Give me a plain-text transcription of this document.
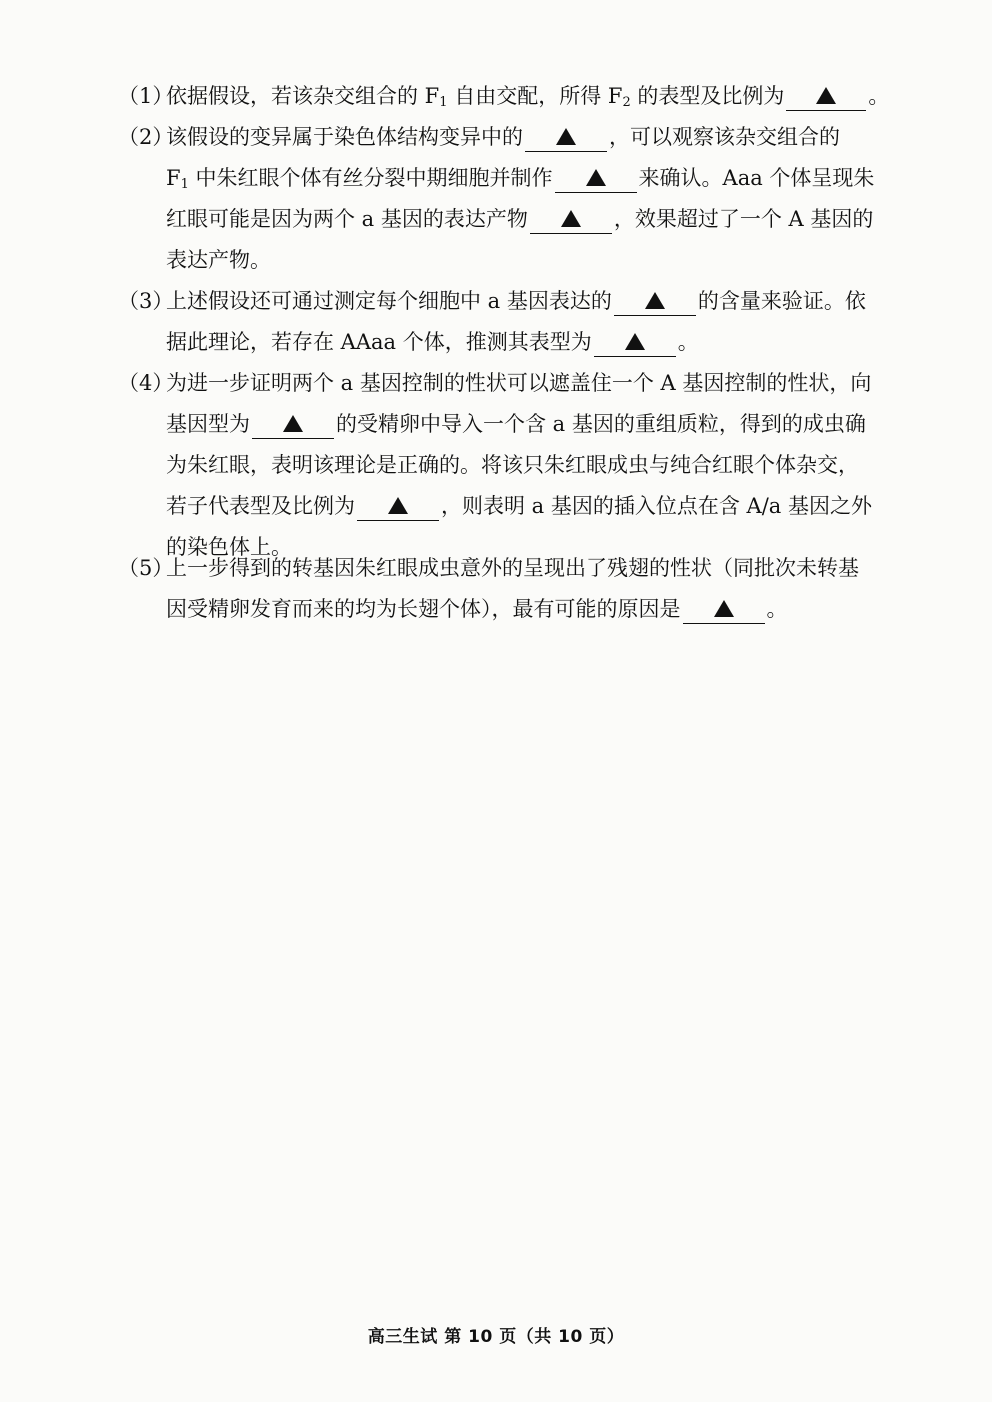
（1）依据假设，若该杂交组合的 $F_1$ 自由交配，所得 $F_2$ 的表型及比例为	。
（2）该假设的变异属于染色体结构变异中的	，可以观察该杂交组合的
$F_1$ 中朱红眼个体有丝分裂中期细胞并制作	来确认。Aaa 个体呈现朱
红眼可能是因为两个 a 基因的表达产物	，效果超过了一个 A 基因的
表达产物。
（3）上述假设还可通过测定每个细胞中 a 基因表达的	的含量来验证。依
据此理论，若存在 AAaa 个体，推测其表型为	。
（4）为进一步证明两个 a 基因控制的性状可以遮盖住一个 A 基因控制的性状，向
基因型为	的受精卵中导入一个含 a 基因的重组质粒，得到的成虫确
为朱红眼，表明该理论是正确的。将该只朱红眼成虫与纯合红眼个体杂交，
若子代表型及比例为	，则表明 a 基因的插入位点在含 A/a 基因之外
的染色体上。
（5）上一步得到的转基因朱红眼成虫意外的呈现出了残翅的性状（同批次未转基
因受精卵发育而来的均为长翅个体），最有可能的原因是	。
高三生试 第 10 页（共 10 页）
